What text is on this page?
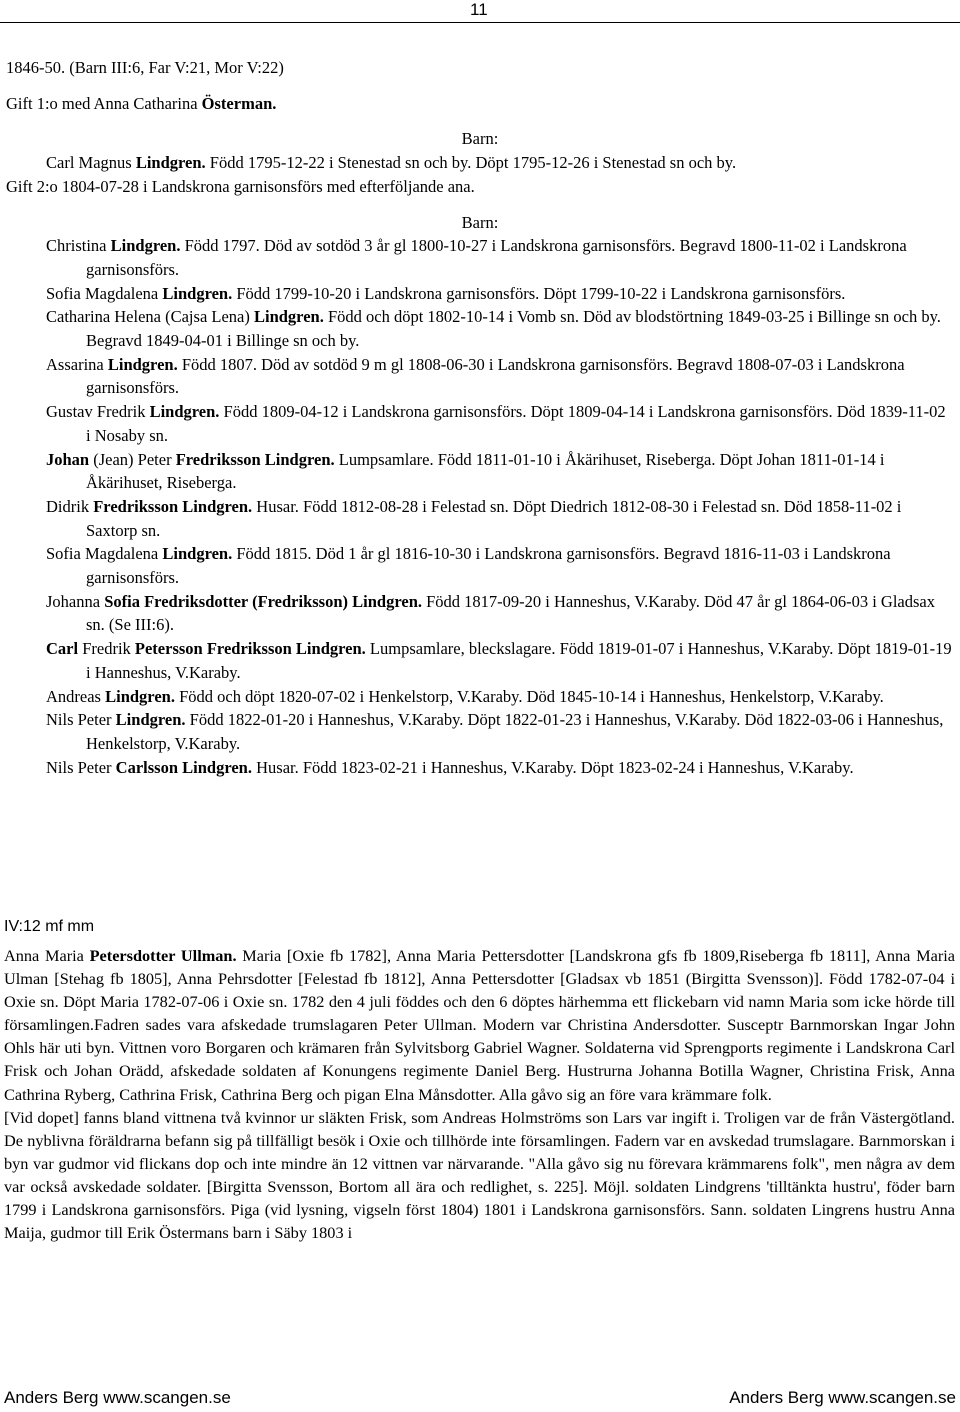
11

1846-50. (Barn III:6, Far V:21, Mor V:22)

Gift 1:o med Anna Catharina Österman.

Barn:

Carl Magnus Lindgren. Född 1795-12-22 i Stenestad sn och by. Döpt 1795-12-26 i Stenestad sn och by.

Gift 2:o 1804-07-28 i Landskrona garnisonsförs med efterföljande ana.

Barn:

Christina Lindgren. Född 1797. Död av sotdöd 3 år gl 1800-10-27 i Landskrona garnisonsförs. Begravd 1800-11-02 i Landskrona garnisonsförs.

Sofia Magdalena Lindgren. Född 1799-10-20 i Landskrona garnisonsförs. Döpt 1799-10-22 i Landskrona garnisonsförs.

Catharina Helena (Cajsa Lena) Lindgren. Född och döpt 1802-10-14 i Vomb sn. Död av blodstörtning 1849-03-25 i Billinge sn och by. Begravd 1849-04-01 i Billinge sn och by.

Assarina Lindgren. Född 1807. Död av sotdöd 9 m gl 1808-06-30 i Landskrona garnisonsförs. Begravd 1808-07-03 i Landskrona garnisonsförs.

Gustav Fredrik Lindgren. Född 1809-04-12 i Landskrona garnisonsförs. Döpt 1809-04-14 i Landskrona garnisonsförs. Död 1839-11-02 i Nosaby sn.

Johan (Jean) Peter Fredriksson Lindgren. Lumpsamlare. Född 1811-01-10 i Åkärihuset, Riseberga. Döpt Johan 1811-01-14 i Åkärihuset, Riseberga.

Didrik Fredriksson Lindgren. Husar. Född 1812-08-28 i Felestad sn. Döpt Diedrich 1812-08-30 i Felestad sn. Död 1858-11-02 i Saxtorp sn.

Sofia Magdalena Lindgren. Född 1815. Död 1 år gl 1816-10-30 i Landskrona garnisonsförs. Begravd 1816-11-03 i Landskrona garnisonsförs.

Johanna Sofia Fredriksdotter (Fredriksson) Lindgren. Född 1817-09-20 i Hanneshus, V.Karaby. Död 47 år gl 1864-06-03 i Gladsax sn. (Se III:6).

Carl Fredrik Petersson Fredriksson Lindgren. Lumpsamlare, bleckslagare. Född 1819-01-07 i Hanneshus, V.Karaby. Döpt 1819-01-19 i Hanneshus, V.Karaby.

Andreas Lindgren. Född och döpt 1820-07-02 i Henkelstorp, V.Karaby. Död 1845-10-14 i Hanneshus, Henkelstorp, V.Karaby.

Nils Peter Lindgren. Född 1822-01-20 i Hanneshus, V.Karaby. Döpt 1822-01-23 i Hanneshus, V.Karaby. Död 1822-03-06 i Hanneshus, Henkelstorp, V.Karaby.

Nils Peter Carlsson Lindgren. Husar. Född 1823-02-21 i Hanneshus, V.Karaby. Döpt 1823-02-24 i Hanneshus, V.Karaby.

IV:12 mf mm

Anna Maria Petersdotter Ullman. Maria [Oxie fb 1782], Anna Maria Pettersdotter [Landskrona gfs fb 1809,Riseberga fb 1811], Anna Maria Ulman [Stehag fb 1805], Anna Pehrsdotter [Felestad fb 1812], Anna Pettersdotter [Gladsax vb 1851 (Birgitta Svensson)]. Född 1782-07-04 i Oxie sn. Döpt Maria 1782-07-06 i Oxie sn. 1782 den 4 juli föddes och den 6 döptes härhemma ett flickebarn vid namn Maria som icke hörde till församlingen.Fadren sades vara afskedade trumslagaren Peter Ullman. Modern var Christina Andersdotter. Susceptr Barnmorskan Ingar John Ohls här uti byn. Vittnen voro Borgaren och krämaren från Sylvitsborg Gabriel Wagner. Soldaterna vid Sprengports regimente i Landskrona Carl Frisk och Johan Orädd, afskedade soldaten af Konungens regimente Daniel Berg. Hustrurna Johanna Botilla Wagner, Christina Frisk, Anna Cathrina Ryberg, Cathrina Frisk, Cathrina Berg och pigan Elna Månsdotter. Alla gåvo sig an före vara krämmare folk.

[Vid dopet] fanns bland vittnena två kvinnor ur släkten Frisk, som Andreas Holmströms son Lars var ingift i. Troligen var de från Västergötland. De nyblivna föräldrarna befann sig på tillfälligt besök i Oxie och tillhörde inte församlingen. Fadern var en avskedad trumslagare. Barnmorskan i byn var gudmor vid flickans dop och inte mindre än 12 vittnen var närvarande. "Alla gåvo sig nu förevara krämmarens folk", men några av dem var också avskedade soldater. [Birgitta Svensson, Bortom all ära och redlighet, s. 225]. Möjl. soldaten Lindgrens 'tilltänkta hustru', föder barn 1799 i Landskrona garnisonsförs. Piga (vid lysning, vigseln först 1804) 1801 i Landskrona garnisonsförs. Sann. soldaten Lingrens hustru Anna Maija, gudmor till Erik Östermans barn i Säby 1803 i

Anders Berg www.scangen.se	Anders Berg www.scangen.se
